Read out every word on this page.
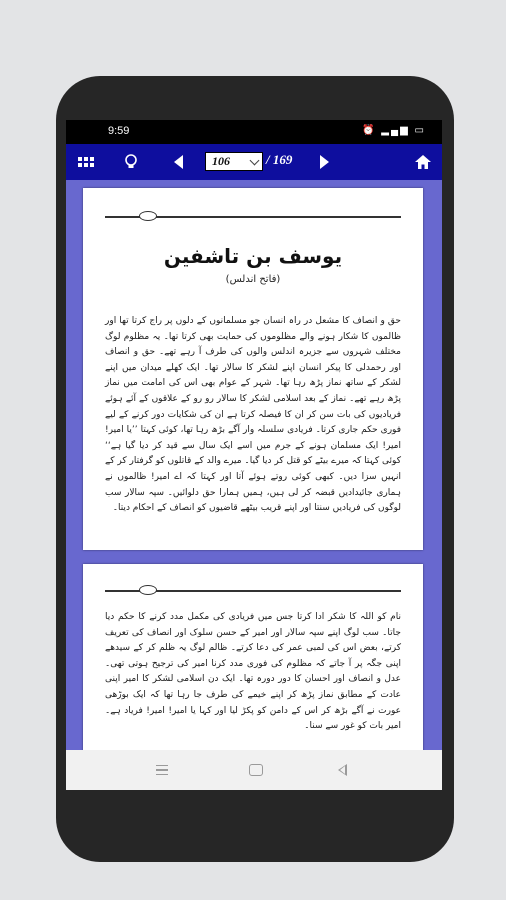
9:59	⏰ ▂▄▆ ▭
106	/ 169
یوسف بن تاشفین
(فاتح اندلس)
حق و انصاف کا مشعل در راہ انسان جو مسلمانوں کے دلوں پر راج کرتا تھا اور ظالموں کا شکار ہونے والے مظلوموں کی حمایت بھی کرتا تھا۔ یہ مظلوم لوگ مختلف شہروں سے جزیرہ اندلس والوں کی طرف آ رہے تھے۔ حق و انصاف اور رحمدلی کا پیکر انسان اپنے لشکر کا سالار تھا۔ ایک کھلے میدان میں اپنے لشکر کے ساتھ نماز پڑھ رہا تھا۔ شہر کے عوام بھی اس کی امامت میں نماز پڑھ رہے تھے۔ نماز کے بعد اسلامی لشکر کا سالار رو رو کے علاقوں کے آئے ہوئے فریادیوں کی بات سن کر ان کا فیصلہ کرتا ہے ان کی شکایات دور کرنے کے لیے فوری حکم جاری کرتا۔ فریادی سلسلہ وار آگے بڑھ رہا تھا، کوئی کہتا ’’یا امیر! امیر! ایک مسلمان ہونے کے جرم میں اسے ایک سال سے قید کر دیا گیا ہے‘‘ کوئی کہتا کہ میرے بیٹے کو قتل کر دیا گیا۔ میرے والد کے قاتلوں کو گرفتار کر کے انہیں سزا دیں۔ کبھی کوئی روتے ہوئے آتا اور کہتا کہ اے امیر! ظالموں نے ہماری جائیدادیں قبضہ کر لی ہیں، ہمیں ہمارا حق دلوائیں۔ سپہ سالار سب لوگوں کی فریادیں سنتا اور اپنے قریب بیٹھے قاضیوں کو انصاف کے احکام دیتا۔
نام کو اللہ کا شکر ادا کرتا جس میں فریادی کی مکمل مدد کرنے کا حکم دیا جاتا۔ سب لوگ اپنے سپہ سالار اور امیر کے حسن سلوک اور انصاف کی تعریف کرتے، بعض اس کی لمبی عمر کی دعا کرتے۔ ظالم لوگ یہ ظلم کر کے سیدھے اپنی جگہ پر آ جاتے کہ مظلوم کی فوری مدد کرنا امیر کی ترجیح ہوتی تھی۔ عدل و انصاف اور احسان کا دور دورہ تھا۔ ایک دن اسلامی لشکر کا امیر اپنی عادت کے مطابق نماز پڑھ کر اپنے خیمے کی طرف جا رہا تھا کہ ایک بوڑھی عورت نے آگے بڑھ کر اس کے دامن کو پکڑ لیا اور کہا یا امیر! امیر! فریاد ہے۔ امیر بات کو غور سے سنا۔
